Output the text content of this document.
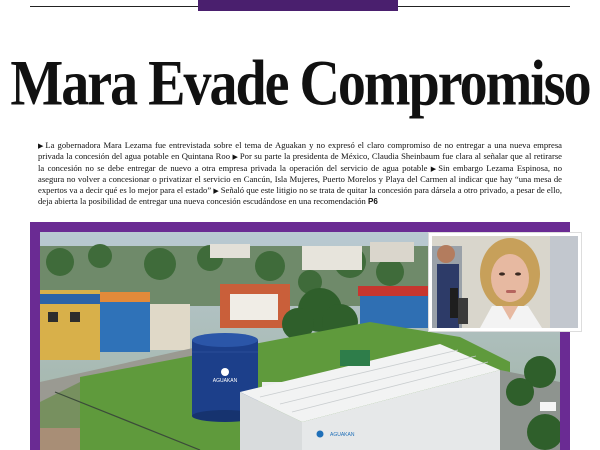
Mara Evade Compromiso
▶ La gobernadora Mara Lezama fue entrevistada sobre el tema de Aguakan y no expresó el claro compromiso de no entregar a una nueva empresa privada la concesión del agua potable en Quintana Roo ▶ Por su parte la presidenta de México, Claudia Sheinbaum fue clara al señalar que al retirarse la concesión no se debe entregar de nuevo a otra empresa privada la operación del servicio de agua potable ▶ Sin embargo Lezama Espinosa, no asegura no volver a concesionar o privatizar el servicio en Cancún, Isla Mujeres, Puerto Morelos y Playa del Carmen al indicar que hay “una mesa de expertos va a decir qué es lo mejor para el estado” ▶ Señaló que este litigio no se trata de quitar la concesión para dársela a otro privado, a pesar de ello, deja abierta la posibilidad de entregar una nueva concesión escudándose en una recomendación P6
AGUAKAN
AGUAKAN
